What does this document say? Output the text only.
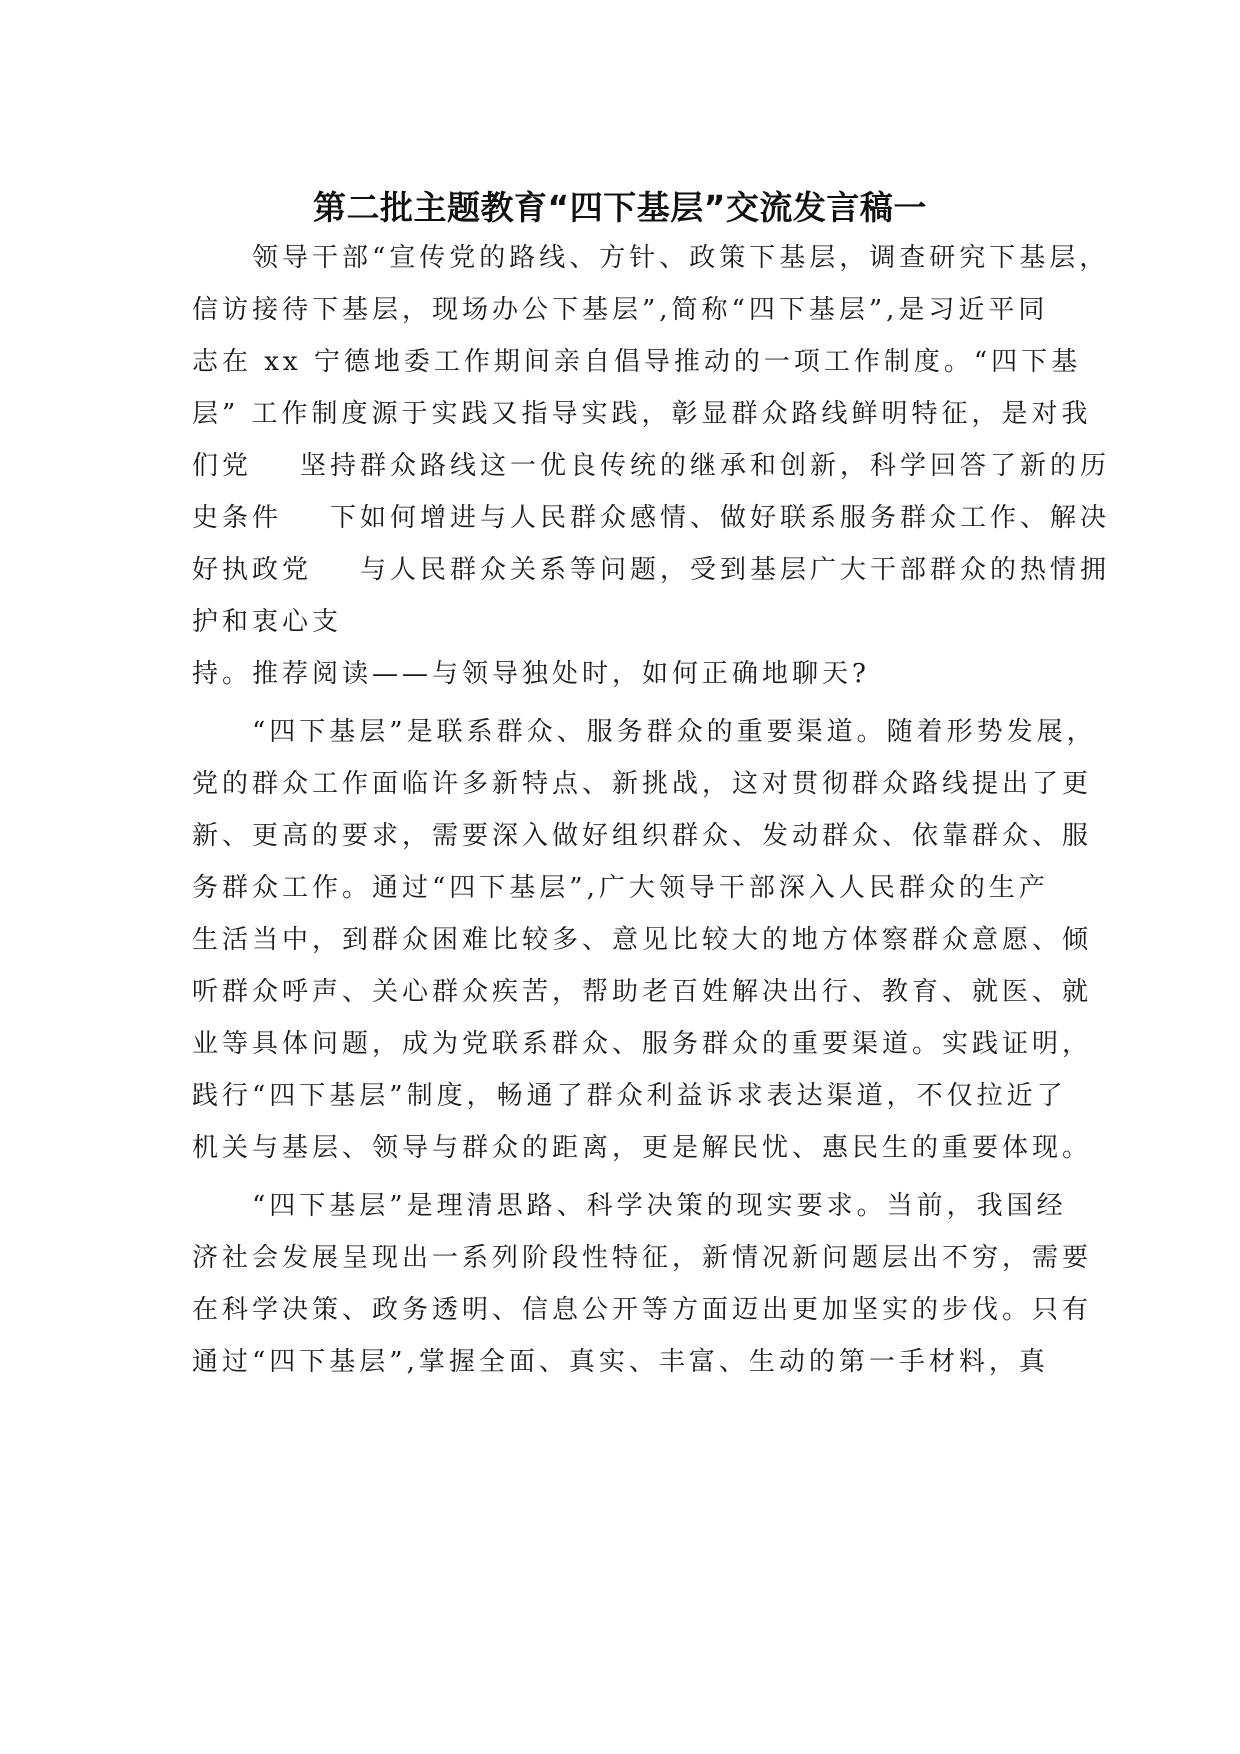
第二批主题教育“四下基层”交流发言稿一
　　领导干部“宣传党的路线、方针、政策下基层，调查研究下基层，
信访接待下基层，现场办公下基层”,简称“四下基层”,是习近平同
志在 xx 宁德地委工作期间亲自倡导推动的一项工作制度。“四下基
层” 工作制度源于实践又指导实践，彰显群众路线鲜明特征，是对我
们党 坚持群众路线这一优良传统的继承和创新，科学回答了新的历
史条件 下如何增进与人民群众感情、做好联系服务群众工作、解决
好执政党 与人民群众关系等问题，受到基层广大干部群众的热情拥
护和衷心支
持。推荐阅读——与领导独处时，如何正确地聊天?
　　“四下基层”是联系群众、服务群众的重要渠道。随着形势发展，
党的群众工作面临许多新特点、新挑战，这对贯彻群众路线提出了更
新、更高的要求，需要深入做好组织群众、发动群众、依靠群众、服
务群众工作。通过“四下基层”,广大领导干部深入人民群众的生产
生活当中，到群众困难比较多、意见比较大的地方体察群众意愿、倾
听群众呼声、关心群众疾苦，帮助老百姓解决出行、教育、就医、就
业等具体问题，成为党联系群众、服务群众的重要渠道。实践证明，
践行“四下基层”制度，畅通了群众利益诉求表达渠道，不仅拉近了
机关与基层、领导与群众的距离，更是解民忧、惠民生的重要体现。
　　“四下基层”是理清思路、科学决策的现实要求。当前，我国经
济社会发展呈现出一系列阶段性特征，新情况新问题层出不穷，需要
在科学决策、政务透明、信息公开等方面迈出更加坚实的步伐。只有
通过“四下基层”,掌握全面、真实、丰富、生动的第一手材料，真
